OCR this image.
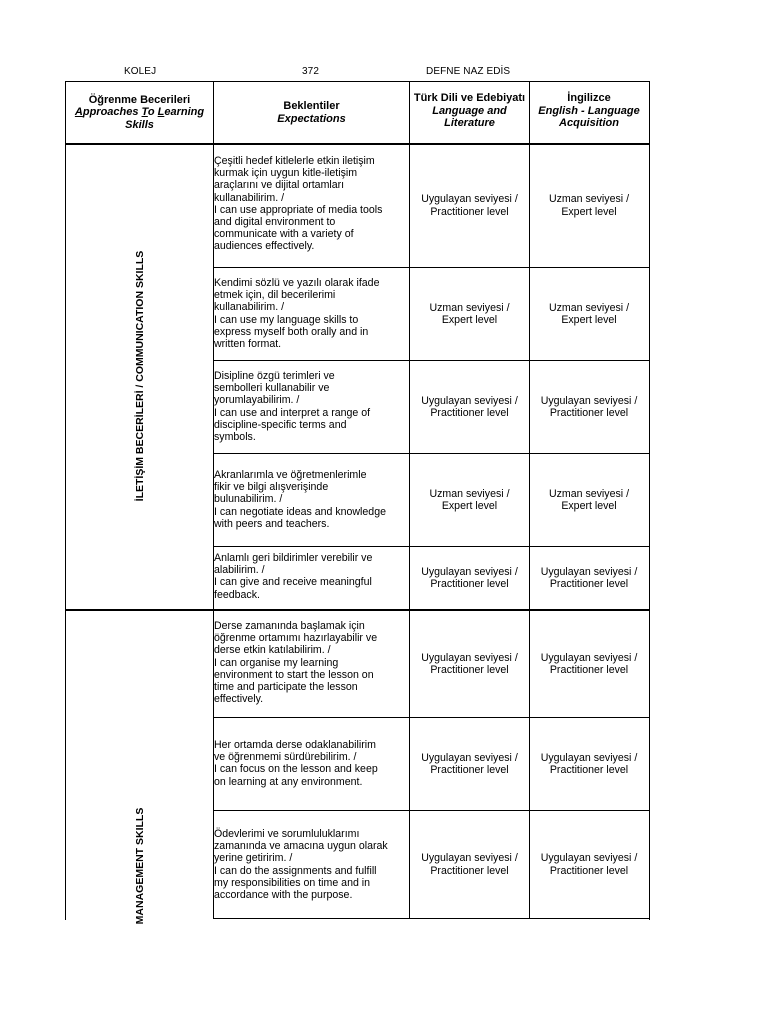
KOLEJ	372	DEFNE NAZ EDİS
Öğrenme Becerileri
Approaches To Learning
Skills
Beklentiler
Expectations
Türk Dili ve Edebiyatı
Language and
Literature
İngilizce
English - Language
Acquisition
İLETİŞİM BECERİLERİ / COMMUNICATION SKILLS
MANAGEMENT SKILLS
Çeşitli hedef kitlelerle etkin iletişim
kurmak için uygun kitle-iletişim
araçlarını ve dijital ortamları
kullanabilirim. /
I can use appropriate of media tools
and digital environment to
communicate with a variety of
audiences effectively.
Uygulayan seviyesi /
Practitioner level
Uzman seviyesi /
Expert level
Kendimi sözlü ve yazılı olarak ifade
etmek için, dil becerilerimi
kullanabilirim. /
I can use my language skills to
express myself both orally and in
written format.
Uzman seviyesi /
Expert level
Uzman seviyesi /
Expert level
Disipline özgü terimleri ve
sembolleri kullanabilir ve
yorumlayabilirim. /
I can use and interpret a range of
discipline-specific terms and
symbols.
Uygulayan seviyesi /
Practitioner level
Uygulayan seviyesi /
Practitioner level
Akranlarımla ve öğretmenlerimle
fikir ve bilgi alışverişinde
bulunabilirim. /
I can negotiate ideas and knowledge
with peers and teachers.
Uzman seviyesi /
Expert level
Uzman seviyesi /
Expert level
Anlamlı geri bildirimler verebilir ve
alabilirim. /
I can give and receive meaningful
feedback.
Uygulayan seviyesi /
Practitioner level
Uygulayan seviyesi /
Practitioner level
Derse zamanında başlamak için
öğrenme ortamımı hazırlayabilir ve
derse etkin katılabilirim. /
I can organise my learning
environment to start the lesson on
time and participate the lesson
effectively.
Uygulayan seviyesi /
Practitioner level
Uygulayan seviyesi /
Practitioner level
Her ortamda derse odaklanabilirim
ve öğrenmemi sürdürebilirim. /
I can focus on the lesson and keep
on learning at any environment.
Uygulayan seviyesi /
Practitioner level
Uygulayan seviyesi /
Practitioner level
Ödevlerimi ve sorumluluklarımı
zamanında ve amacına uygun olarak
yerine getiririm. /
I can do the assignments and fulfill
my responsibilities on time and in
accordance with the purpose.
Uygulayan seviyesi /
Practitioner level
Uygulayan seviyesi /
Practitioner level
